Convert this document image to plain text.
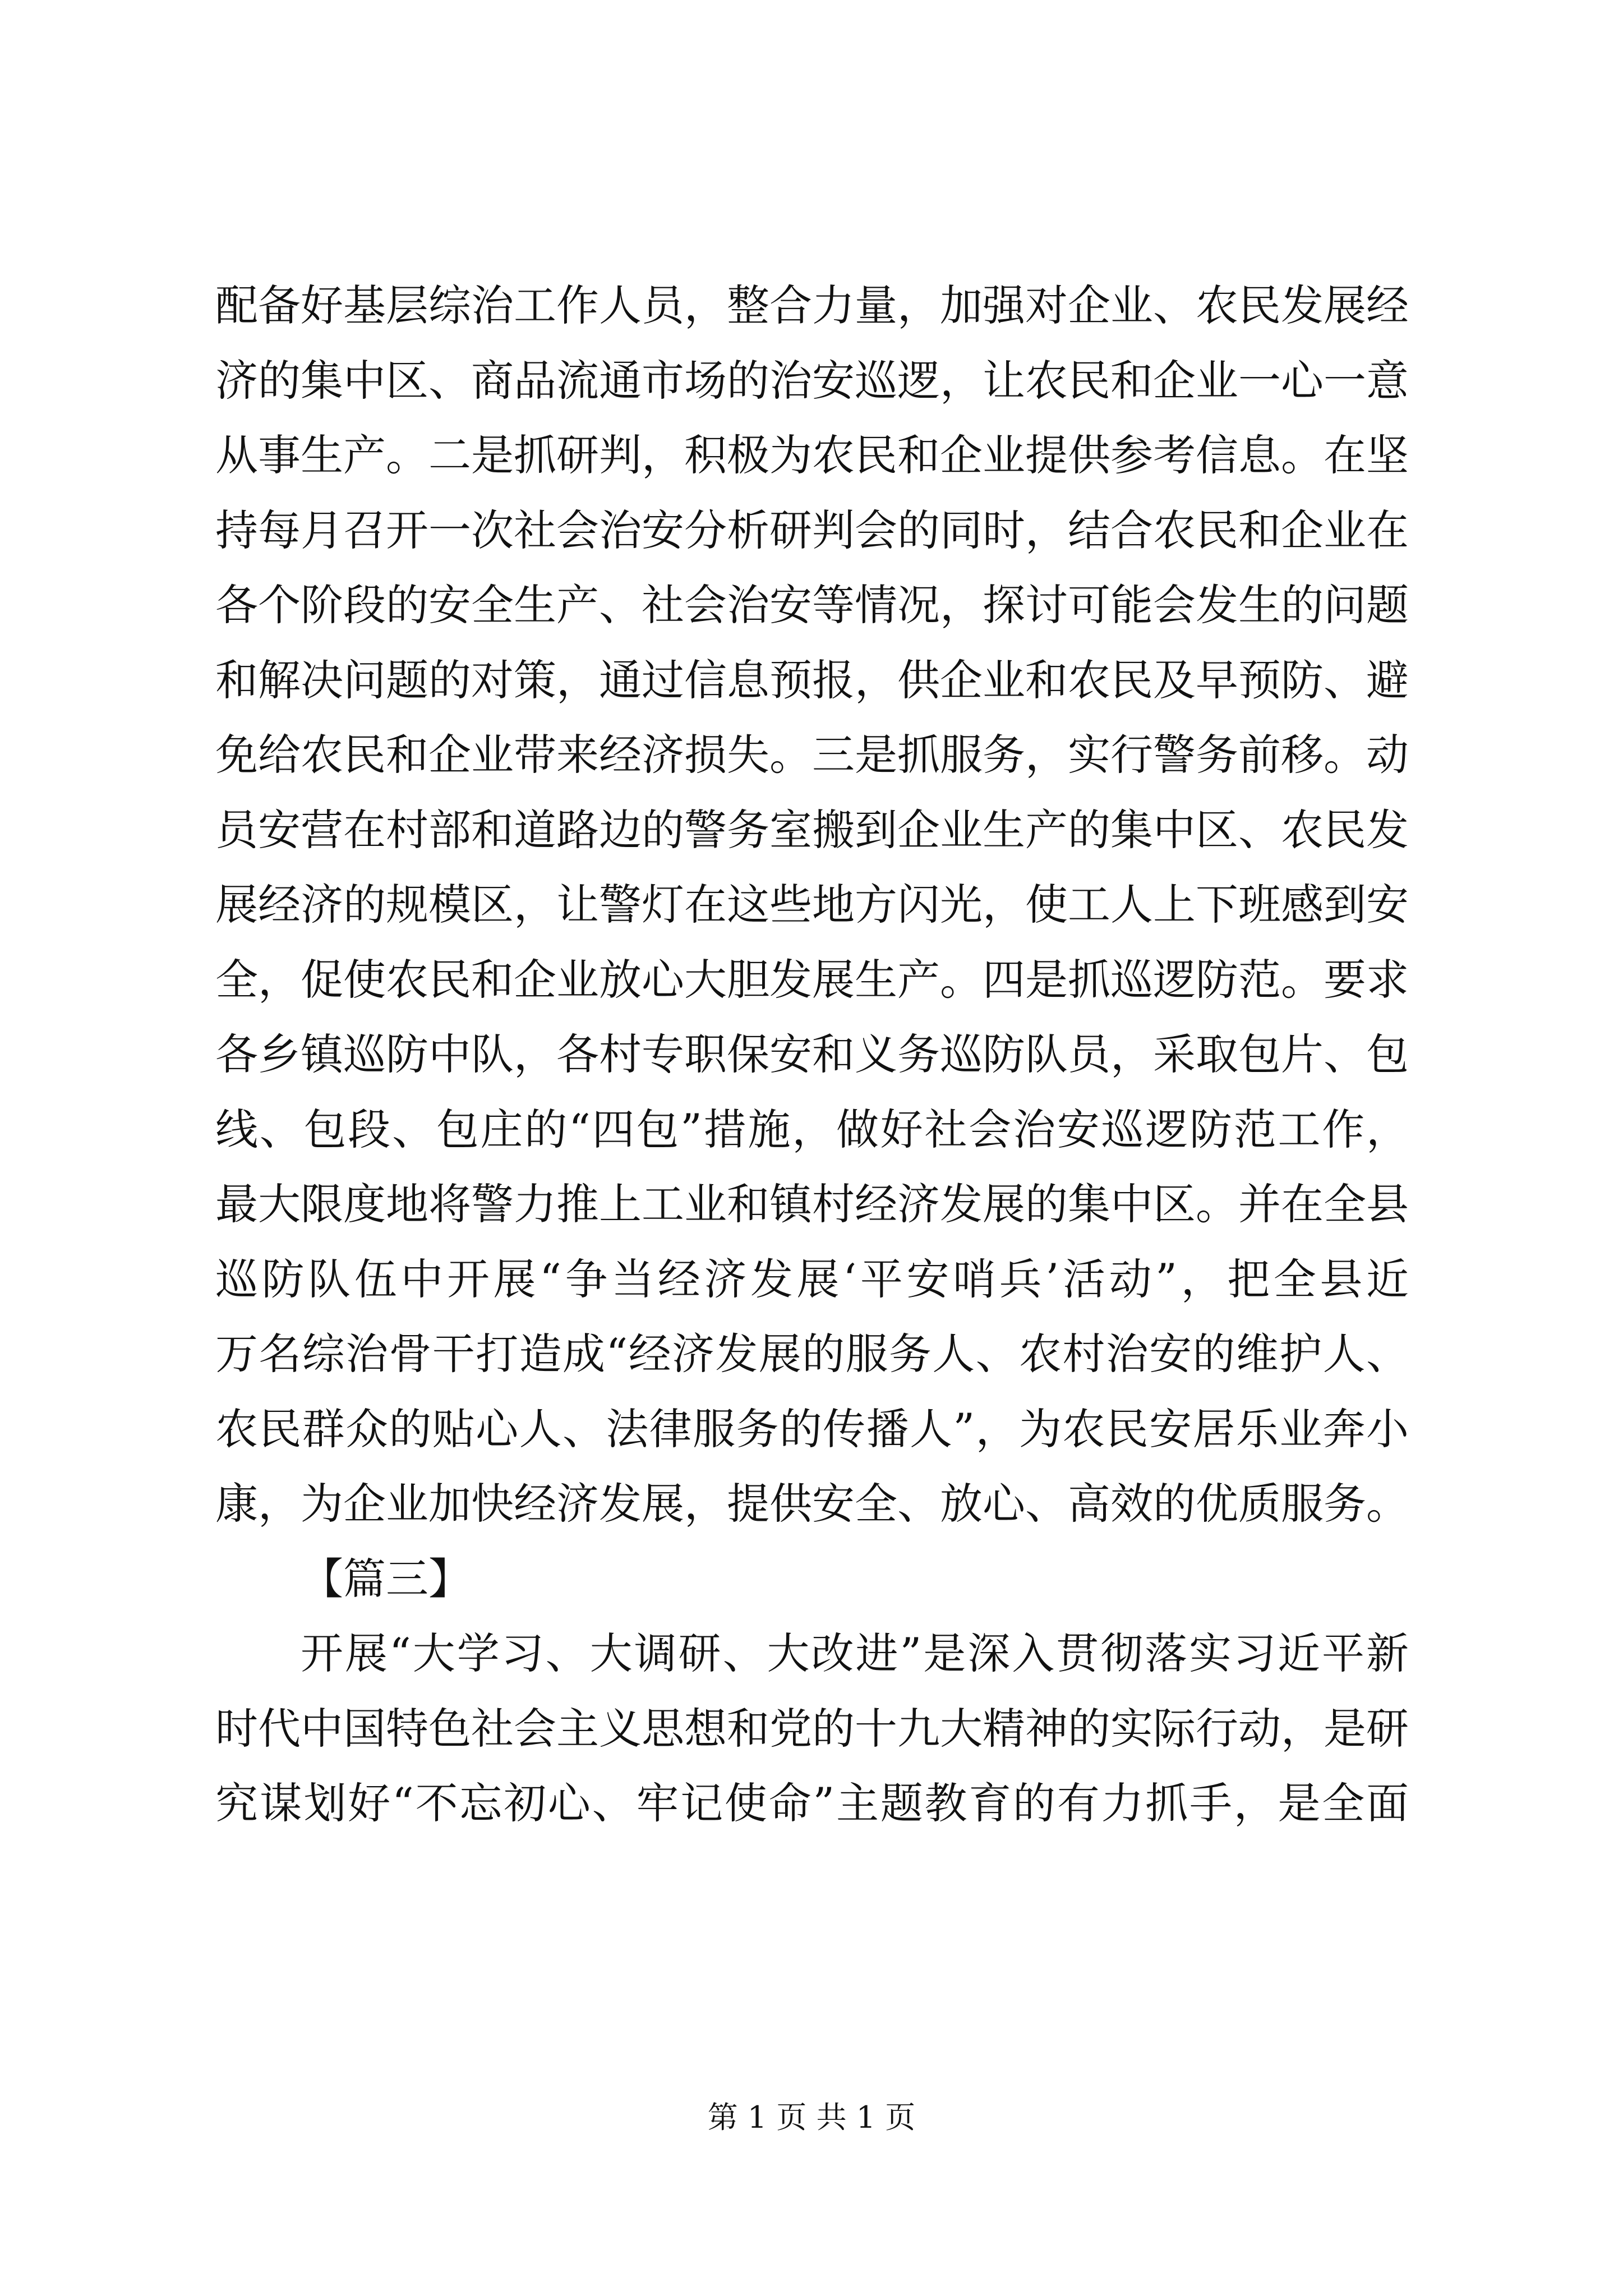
配备好基层综治工作人员，整合力量，加强对企业、农民发展经
济的集中区、商品流通市场的治安巡逻，让农民和企业一心一意
从事生产。二是抓研判，积极为农民和企业提供参考信息。在坚
持每月召开一次社会治安分析研判会的同时，结合农民和企业在
各个阶段的安全生产、社会治安等情况，探讨可能会发生的问题
和解决问题的对策，通过信息预报，供企业和农民及早预防、避
免给农民和企业带来经济损失。三是抓服务，实行警务前移。动
员安营在村部和道路边的警务室搬到企业生产的集中区、农民发
展经济的规模区，让警灯在这些地方闪光，使工人上下班感到安
全，促使农民和企业放心大胆发展生产。四是抓巡逻防范。要求
各乡镇巡防中队，各村专职保安和义务巡防队员，采取包片、包
线、包段、包庄的“四包”措施，做好社会治安巡逻防范工作，
最大限度地将警力推上工业和镇村经济发展的集中区。并在全县
巡防队伍中开展“争当经济发展‘平安哨兵’活动”，把全县近
万名综治骨干打造成“经济发展的服务人、农村治安的维护人、
农民群众的贴心人、法律服务的传播人”，为农民安居乐业奔小
康，为企业加快经济发展，提供安全、放心、高效的优质服务。
【篇三】
开展“大学习、大调研、大改进”是深入贯彻落实习近平新
时代中国特色社会主义思想和党的十九大精神的实际行动，是研
究谋划好“不忘初心、牢记使命”主题教育的有力抓手，是全面
第 1 页 共 1 页
